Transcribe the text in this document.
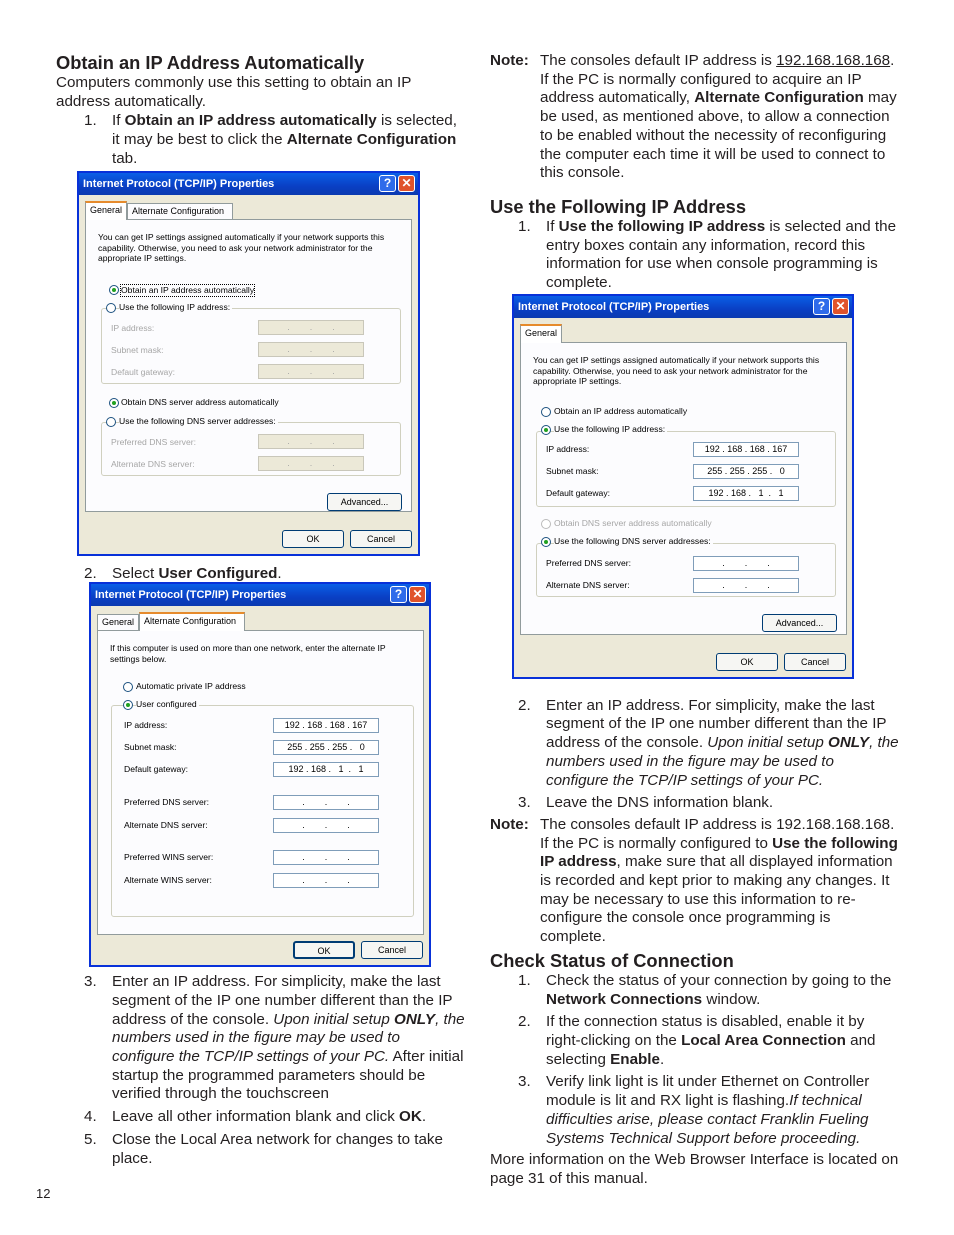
Obtain an IP Address Automatically

Computers commonly use this setting to obtain an IP address automatically.

1. If Obtain an IP address automatically is selected, it may be best to click the Alternate Configuration tab.
2. Select User Configured.
3. Enter an IP address. For simplicity, make the last segment of the IP one number different than the IP address of the console. Upon initial setup ONLY, the numbers used in the figure may be used to configure the TCP/IP settings of your PC. After initial startup the programmed parameters should be verified through the touchscreen
4. Leave all other information blank and click OK.
5. Close the Local Area network for changes to take place.
Note: The consoles default IP address is 192.168.168.168. If the PC is normally configured to acquire an IP address automatically, Alternate Configuration may be used, as mentioned above, to allow a connection to be enabled without the necessity of reconfiguring the computer each time it will be used to connect to this console.
Use the Following IP Address
1. If Use the following IP address is selected and the entry boxes contain any information, record this information for use when console programming is complete.
2. Enter an IP address. For simplicity, make the last segment of the IP one number different than the IP address of the console. Upon initial setup ONLY, the numbers used in the figure may be used to configure the TCP/IP settings of your PC.
3. Leave the DNS information blank.
Note: The consoles default IP address is 192.168.168.168. If the PC is normally configured to Use the following IP address, make sure that all displayed information is recorded and kept prior to making any changes. It may be necessary to use this information to re-configure the console once programming is complete.
Check Status of Connection
1. Check the status of your connection by going to the Network Connections window.
2. If the connection status is disabled, enable it by right-clicking on the Local Area Connection and selecting Enable.
3. Verify link light is lit under Ethernet on Controller module is lit and RX light is flashing.If technical difficulties arise, please contact Franklin Fueling Systems Technical Support before proceeding.

More information on the Web Browser Interface is located on page 31 of this manual.

12
Internet Protocol (TCP/IP) Properties	? ✕
General	Alternate Configuration
You can get IP settings assigned automatically if your network supports this capability. Otherwise, you need to ask your network administrator for the appropriate IP settings.
Obtain an IP address automatically
Use the following IP address:
IP address:	.        .        .
Subnet mask:	.        .        .
Default gateway:	.        .        .
Obtain DNS server address automatically
Use the following DNS server addresses:
Preferred DNS server:	.        .        .
Alternate DNS server:	.        .        .
Advanced...
OK	Cancel
Internet Protocol (TCP/IP) Properties	? ✕
General	Alternate Configuration
If this computer is used on more than one network, enter the alternate IP settings below.
Automatic private IP address
User configured
IP address:	192 . 168 . 168 . 167
Subnet mask:	255 . 255 . 255 .   0
Default gateway:	192 . 168 .   1  .   1
Preferred DNS server:	.        .        .
Alternate DNS server:	.        .        .
Preferred WINS server:	.        .        .
Alternate WINS server:	.        .        .
OK	Cancel
Internet Protocol (TCP/IP) Properties	? ✕
General
You can get IP settings assigned automatically if your network supports this capability. Otherwise, you need to ask your network administrator for the appropriate IP settings.
Obtain an IP address automatically
Use the following IP address:
IP address:	192 . 168 . 168 . 167
Subnet mask:	255 . 255 . 255 .   0
Default gateway:	192 . 168 .   1  .   1
Obtain DNS server address automatically
Use the following DNS server addresses:
Preferred DNS server:	.        .        .
Alternate DNS server:	.        .        .
Advanced...
OK	Cancel
